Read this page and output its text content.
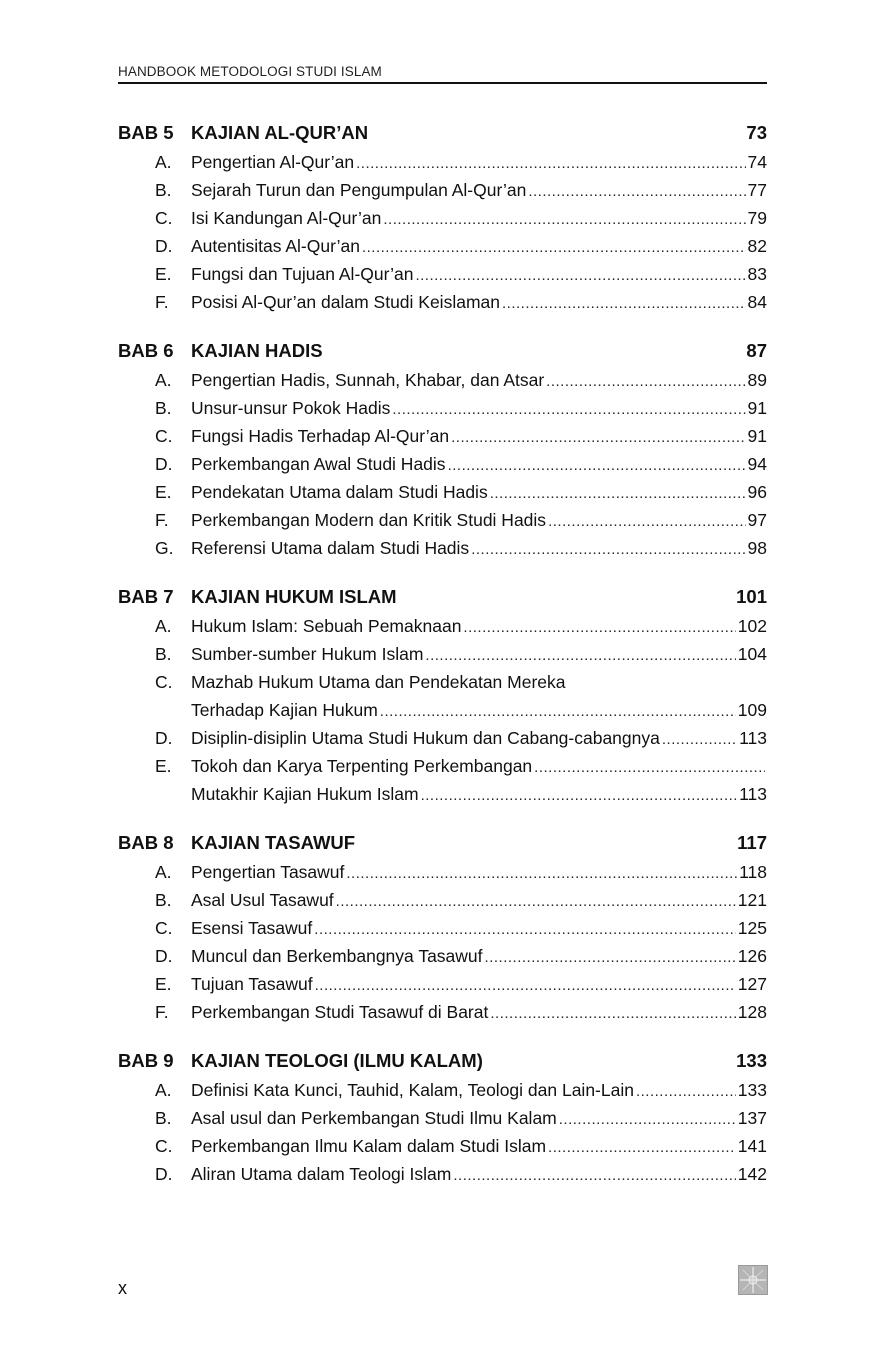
HANDBOOK METODOLOGI STUDI ISLAM
BAB 5 KAJIAN AL-QUR’AN	73
A.	Pengertian Al-Qur’an .....	74
B.	Sejarah Turun dan Pengumpulan Al-Qur’an .....	77
C.	Isi Kandungan Al-Qur’an .....	79
D.	Autentisitas Al-Qur’an .....	82
E.	Fungsi dan Tujuan Al-Qur’an .....	83
F.	Posisi Al-Qur’an dalam Studi Keislaman .....	84
BAB 6 KAJIAN HADIS	87
A.	Pengertian Hadis, Sunnah, Khabar, dan Atsar .....	89
B.	Unsur-unsur Pokok Hadis .....	91
C.	Fungsi Hadis Terhadap Al-Qur’an .....	91
D.	Perkembangan Awal Studi Hadis .....	94
E.	Pendekatan Utama dalam Studi Hadis .....	96
F.	Perkembangan Modern dan Kritik Studi Hadis .....	97
G.	Referensi Utama dalam Studi Hadis .....	98
BAB 7 KAJIAN HUKUM ISLAM	101
A.	Hukum Islam: Sebuah Pemaknaan .....	102
B.	Sumber-sumber Hukum Islam .....	104
C.	Mazhab Hukum Utama dan Pendekatan Mereka
Terhadap Kajian Hukum .....	109
D.	Disiplin-disiplin Utama Studi Hukum dan Cabang-cabangnya .....	113
E.	Tokoh dan Karya Terpenting Perkembangan
.....
Mutakhir Kajian Hukum Islam .....	113
BAB 8 KAJIAN TASAWUF	117
A.	Pengertian Tasawuf .....	118
B.	Asal Usul Tasawuf .....	121
C.	Esensi Tasawuf .....	125
D.	Muncul dan Berkembangnya Tasawuf .....	126
E.	Tujuan Tasawuf .....	127
F.	Perkembangan Studi Tasawuf di Barat .....	128
BAB 9 KAJIAN TEOLOGI (ILMU KALAM)	133
A.	Definisi Kata Kunci, Tauhid, Kalam, Teologi dan Lain-Lain .....	133
B.	Asal usul dan Perkembangan Studi Ilmu Kalam .....	137
C.	Perkembangan Ilmu Kalam dalam Studi Islam .....	141
D.	Aliran Utama dalam Teologi Islam .....	142
x
